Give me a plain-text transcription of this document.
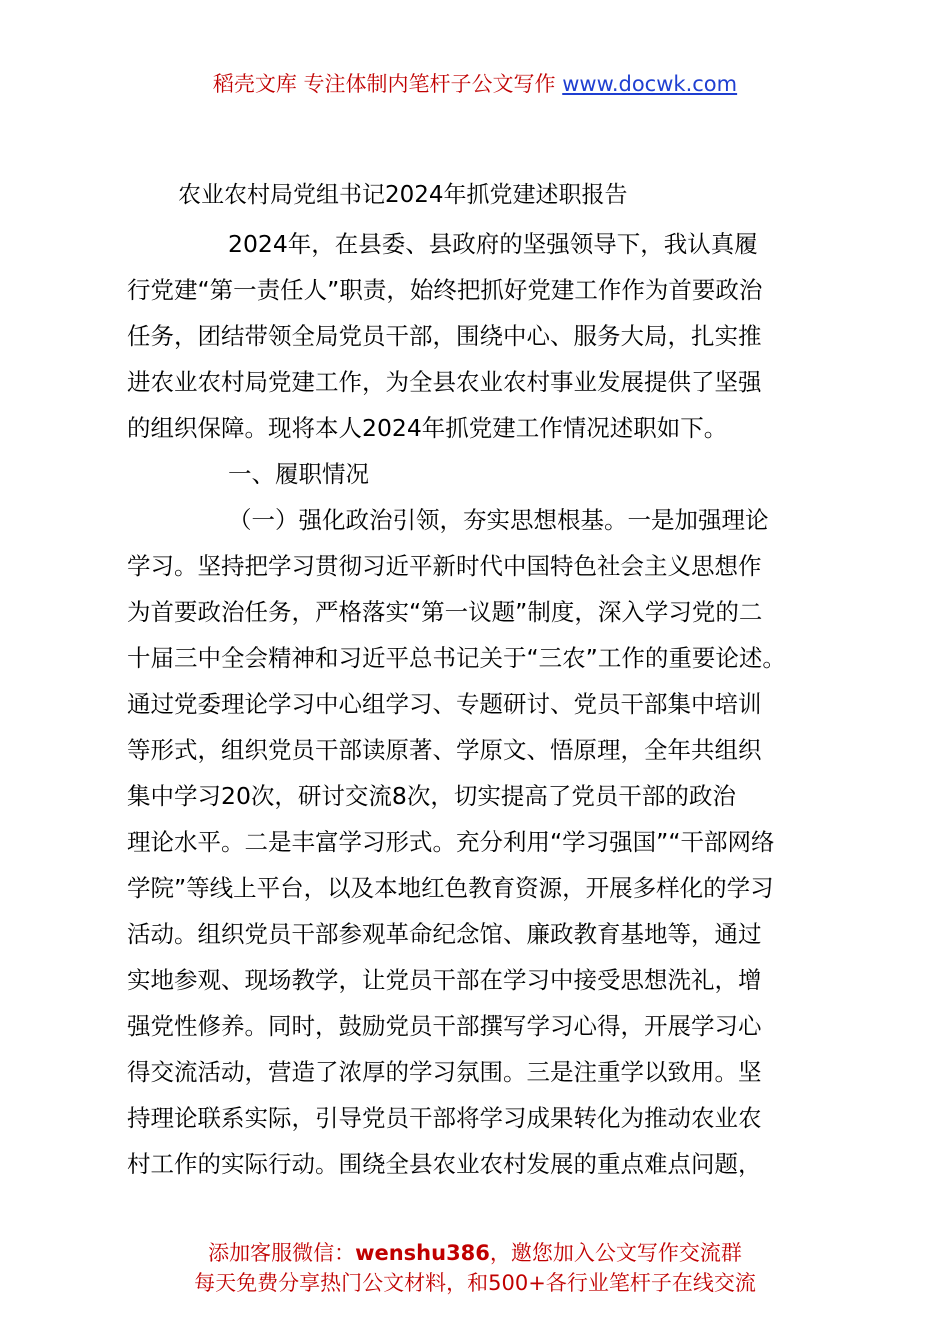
稻壳文库 专注体制内笔杆子公文写作 www.docwk.com
农业农村局党组书记2024年抓党建述职报告
2024年，在县委、县政府的坚强领导下，我认真履
行党建“第一责任人”职责，始终把抓好党建工作作为首要政治
任务，团结带领全局党员干部，围绕中心、服务大局，扎实推
进农业农村局党建工作，为全县农业农村事业发展提供了坚强
的组织保障。现将本人2024年抓党建工作情况述职如下。
一、履职情况
（一）强化政治引领，夯实思想根基。一是加强理论
学习。坚持把学习贯彻习近平新时代中国特色社会主义思想作
为首要政治任务，严格落实“第一议题”制度，深入学习党的二
十届三中全会精神和习近平总书记关于“三农”工作的重要论述。
通过党委理论学习中心组学习、专题研讨、党员干部集中培训
等形式，组织党员干部读原著、学原文、悟原理，全年共组织
集中学习20次，研讨交流8次，切实提高了党员干部的政治
理论水平。二是丰富学习形式。充分利用“学习强国”“干部网络
学院”等线上平台，以及本地红色教育资源，开展多样化的学习
活动。组织党员干部参观革命纪念馆、廉政教育基地等，通过
实地参观、现场教学，让党员干部在学习中接受思想洗礼，增
强党性修养。同时，鼓励党员干部撰写学习心得，开展学习心
得交流活动，营造了浓厚的学习氛围。三是注重学以致用。坚
持理论联系实际，引导党员干部将学习成果转化为推动农业农
村工作的实际行动。围绕全县农业农村发展的重点难点问题，
添加客服微信：wenshu386，邀您加入公文写作交流群
每天免费分享热门公文材料，和500+各行业笔杆子在线交流
